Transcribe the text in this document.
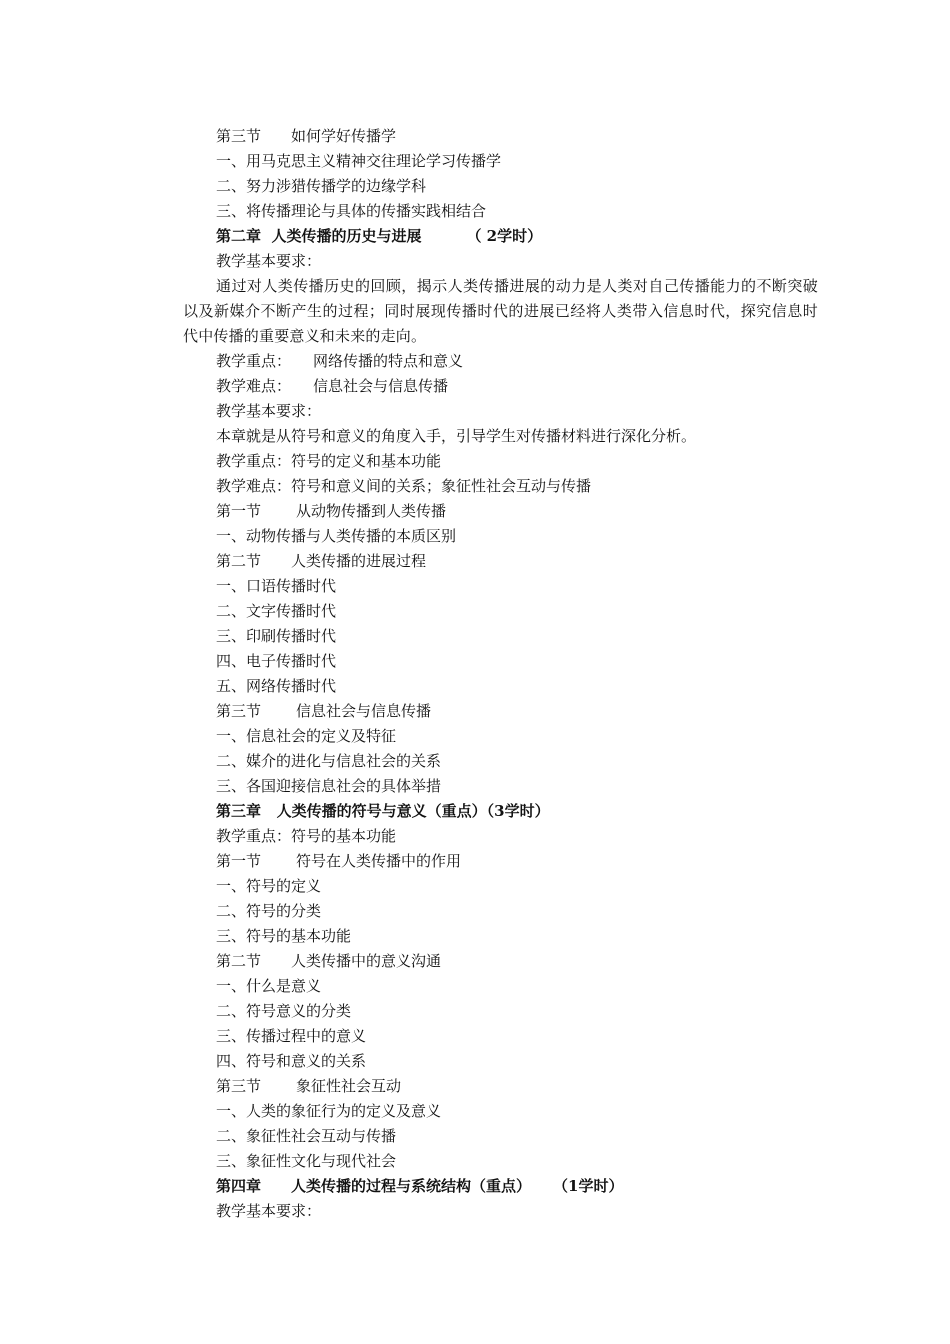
第三节 如何学好传播学
一、用马克思主义精神交往理论学习传播学
二、努力涉猎传播学的边缘学科
三、将传播理论与具体的传播实践相结合
第二章  人类传播的历史与进展	（ 2学时）
教学基本要求：
通过对人类传播历史的回顾，揭示人类传播进展的动力是人类对自己传播能力的不断突破以及新媒介不断产生的过程；同时展现传播时代的进展已经将人类带入信息时代，探究信息时代中传播的重要意义和未来的走向。
教学重点： 网络传播的特点和意义
教学难点： 信息社会与信息传播
教学基本要求：
本章就是从符号和意义的角度入手，引导学生对传播材料进行深化分析。
教学重点：符号的定义和基本功能
教学难点：符号和意义间的关系；象征性社会互动与传播
第一节 从动物传播到人类传播
一、动物传播与人类传播的本质区别
第二节 人类传播的进展过程
一、口语传播时代
二、文字传播时代
三、印刷传播时代
四、电子传播时代
五、网络传播时代
第三节 信息社会与信息传播
一、信息社会的定义及特征
二、媒介的进化与信息社会的关系
三、各国迎接信息社会的具体举措
第三章   人类传播的符号与意义（重点）（3学时）
教学重点：符号的基本功能
第一节 符号在人类传播中的作用
一、符号的定义
二、符号的分类
三、符号的基本功能
第二节 人类传播中的意义沟通
一、什么是意义
二、符号意义的分类
三、传播过程中的意义
四、符号和意义的关系
第三节 象征性社会互动
一、人类的象征行为的定义及意义
二、象征性社会互动与传播
三、象征性文化与现代社会
第四章 人类传播的过程与系统结构（重点） （1学时）
教学基本要求：
